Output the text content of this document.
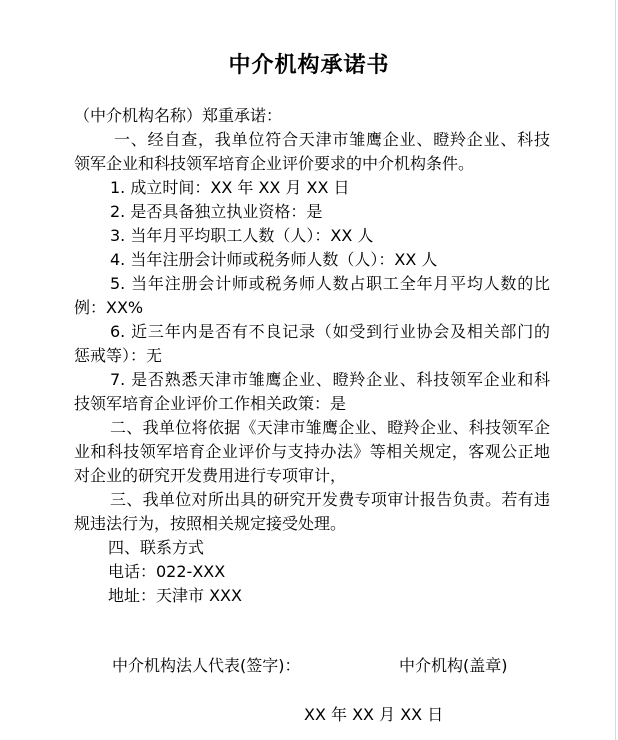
中介机构承诺书
（中介机构名称）郑重承诺：
一、经自查，我单位符合天津市雏鹰企业、瞪羚企业、科技
领军企业和科技领军培育企业评价要求的中介机构条件。
1. 成立时间：XX 年 XX 月 XX 日
2. 是否具备独立执业资格：是
3. 当年月平均职工人数（人）：XX 人
4. 当年注册会计师或税务师人数（人）：XX 人
5. 当年注册会计师或税务师人数占职工全年月平均人数的比
例：XX%
6. 近三年内是否有不良记录（如受到行业协会及相关部门的
惩戒等）：无
7. 是否熟悉天津市雏鹰企业、瞪羚企业、科技领军企业和科
技领军培育企业评价工作相关政策：是
二、我单位将依据《天津市雏鹰企业、瞪羚企业、科技领军企
业和科技领军培育企业评价与支持办法》等相关规定，客观公正地
对企业的研究开发费用进行专项审计，
三、我单位对所出具的研究开发费专项审计报告负责。若有违
规违法行为，按照相关规定接受处理。
四、联系方式
电话：022-XXX
地址：天津市 XXX
中介机构法人代表(签字)：	中介机构(盖章)
XX 年 XX 月 XX 日
